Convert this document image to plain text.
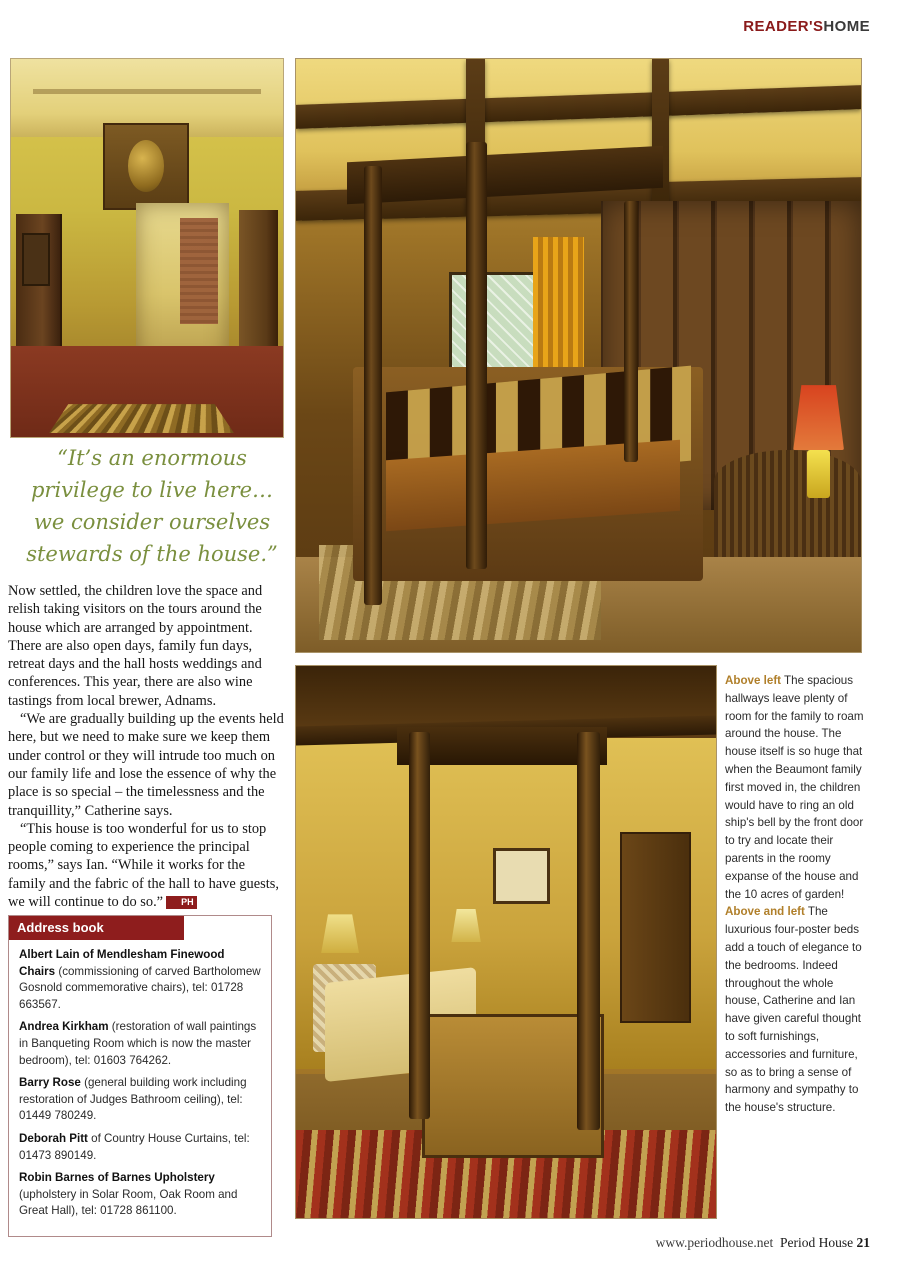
READER'SHOME
“It’s an enormous privilege to live here… we consider ourselves stewards of the house.”

Now settled, the children love the space and relish taking visitors on the tours around the house which are arranged by appointment. There are also open days, family fun days, retreat days and the hall hosts weddings and conferences. This year, there are also wine tastings from local brewer, Adnams.

“We are gradually building up the events held here, but we need to make sure we keep them under control or they will intrude too much on our family life and lose the essence of why the place is so special – the timelessness and the tranquillity,” Catherine says.

“This house is too wonderful for us to stop people coming to experience the principal rooms,” says Ian. “While it works for the family and the fabric of the hall to have guests, we will continue to do so.” PH

Address book
Albert Lain of Mendlesham Finewood Chairs (commissioning of carved Bartholomew Gosnold commemorative chairs), tel: 01728 663567.
Andrea Kirkham (restoration of wall paintings in Banqueting Room which is now the master bedroom), tel: 01603 764262.
Barry Rose (general building work including restoration of Judges Bathroom ceiling), tel: 01449 780249.
Deborah Pitt of Country House Curtains, tel: 01473 890149.
Robin Barnes of Barnes Upholstery (upholstery in Solar Room, Oak Room and Great Hall), tel: 01728 861100.

Above left The spacious hallways leave plenty of room for the family to roam around the house. The house itself is so huge that when the Beaumont family first moved in, the children would have to ring an old ship's bell by the front door to try and locate their parents in the roomy expanse of the house and the 10 acres of garden!

Above and left The luxurious four-poster beds add a touch of elegance to the bedrooms. Indeed throughout the whole house, Catherine and Ian have given careful thought to soft furnishings, accessories and furniture, so as to bring a sense of harmony and sympathy to the house's structure.

www.periodhouse.net Period House 21
